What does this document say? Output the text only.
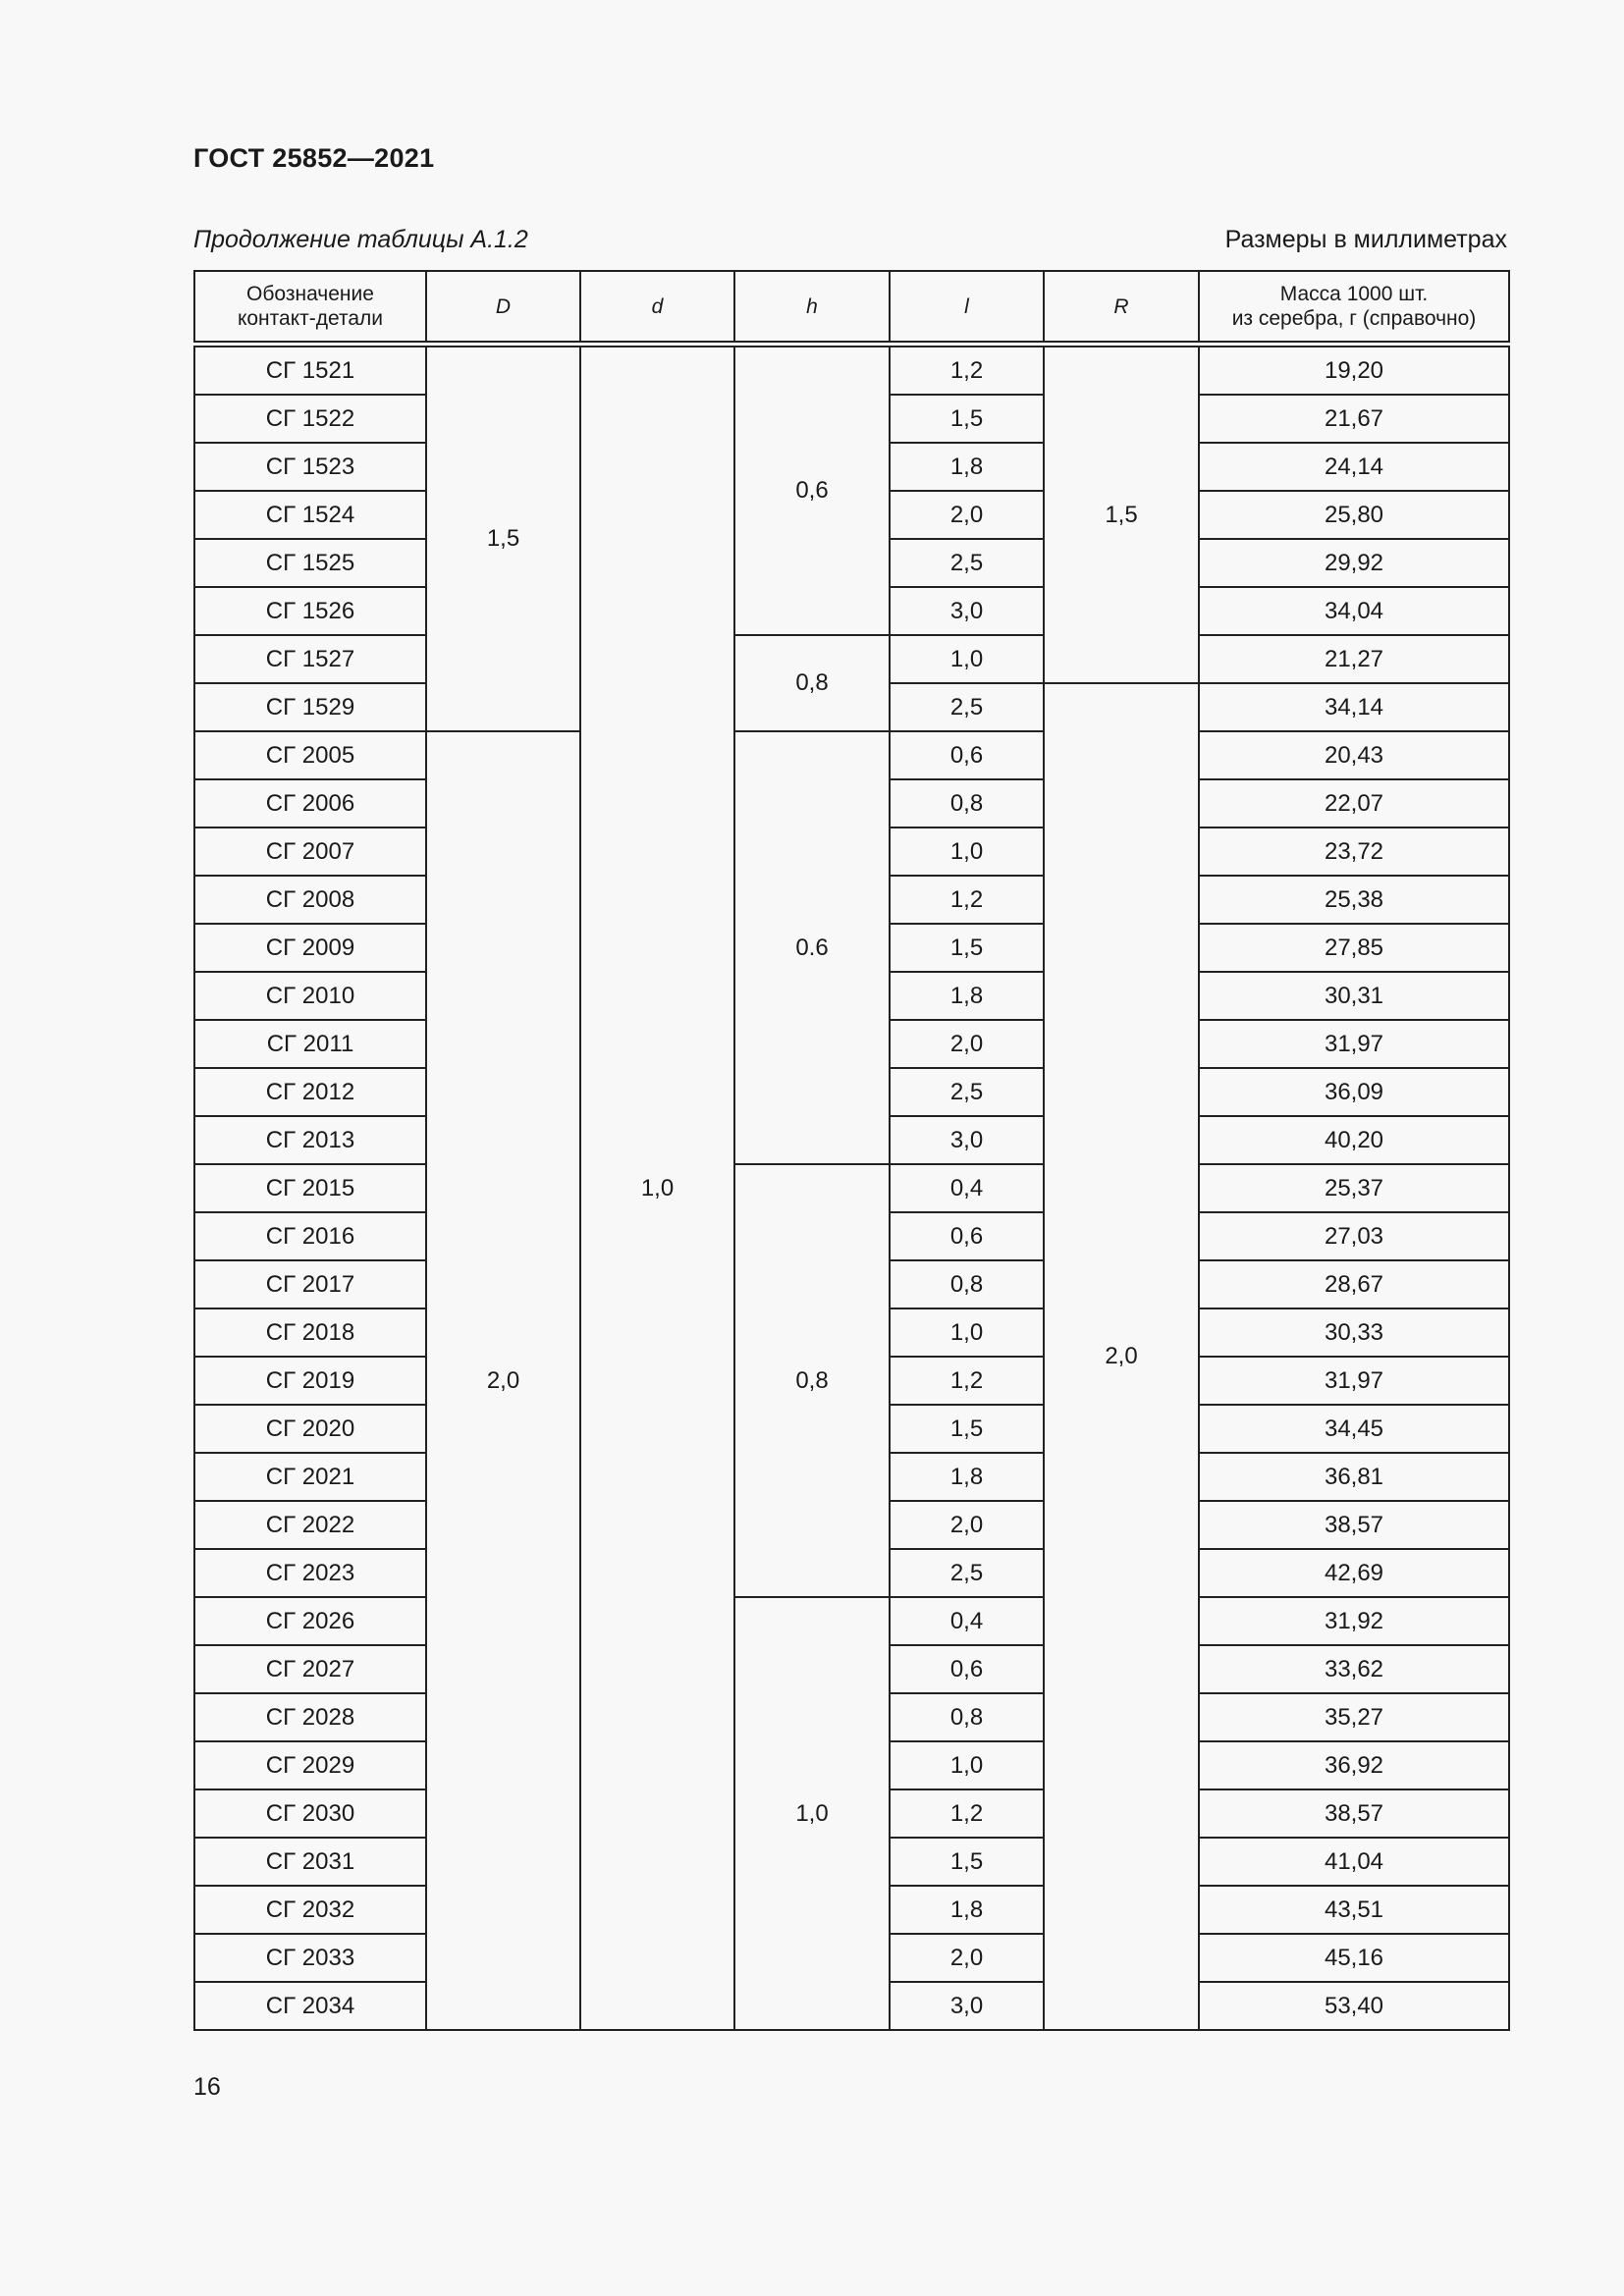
ГОСТ 25852—2021
Продолжение таблицы А.1.2	Размеры в миллиметрах
Обозначение
контакт-детали	D	d	h	l	R	Масса 1000 шт.
из серебра, г (справочно)
СГ 1521	1,5	1,0	0,6	1,2	1,5	19,20
СГ 1522				1,5		21,67
СГ 1523				1,8		24,14
СГ 1524				2,0		25,80
СГ 1525				2,5		29,92
СГ 1526				3,0		34,04
СГ 1527			0,8	1,0		21,27
СГ 1529				2,5	2,0	34,14
СГ 2005	2,0		0.6	0,6		20,43
СГ 2006				0,8		22,07
СГ 2007				1,0		23,72
СГ 2008				1,2		25,38
СГ 2009				1,5		27,85
СГ 2010				1,8		30,31
СГ 2011				2,0		31,97
СГ 2012				2,5		36,09
СГ 2013				3,0		40,20
СГ 2015			0,8	0,4		25,37
СГ 2016				0,6		27,03
СГ 2017				0,8		28,67
СГ 2018				1,0		30,33
СГ 2019				1,2		31,97
СГ 2020				1,5		34,45
СГ 2021				1,8		36,81
СГ 2022				2,0		38,57
СГ 2023				2,5		42,69
СГ 2026			1,0	0,4		31,92
СГ 2027				0,6		33,62
СГ 2028				0,8		35,27
СГ 2029				1,0		36,92
СГ 2030				1,2		38,57
СГ 2031				1,5		41,04
СГ 2032				1,8		43,51
СГ 2033				2,0		45,16
СГ 2034				3,0		53,40
16
